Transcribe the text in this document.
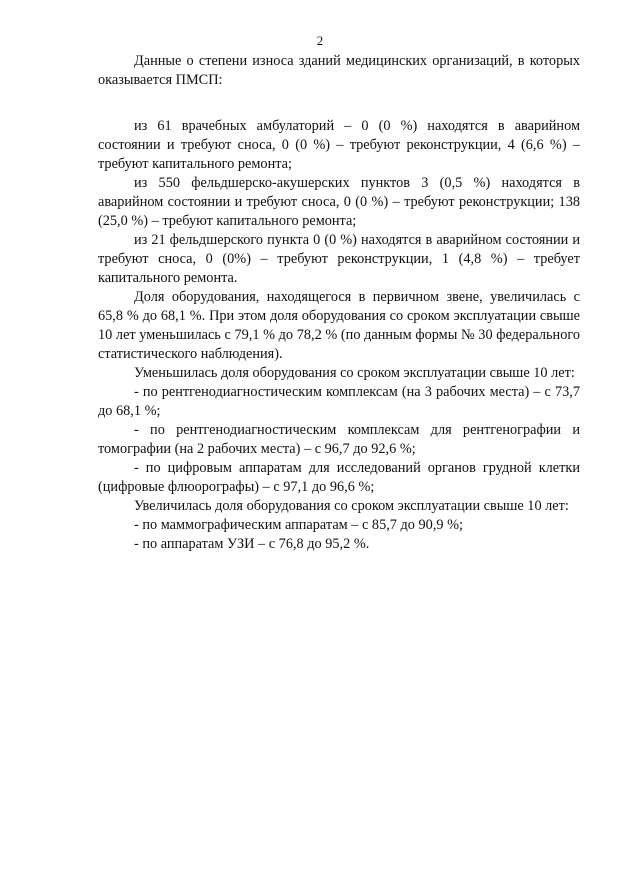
2

Данные о степени износа зданий медицинских организаций, в которых оказывается ПМСП:

из 61 врачебных амбулаторий – 0 (0 %) находятся в аварийном состоянии и требуют сноса, 0 (0 %) – требуют реконструкции, 4 (6,6 %) – требуют капитального ремонта;

из 550 фельдшерско-акушерских пунктов 3 (0,5 %) находятся в аварийном состоянии и требуют сноса, 0 (0 %) – требуют реконструкции; 138 (25,0 %) – требуют капитального ремонта;

из 21 фельдшерского пункта 0 (0 %) находятся в аварийном состоянии и требуют сноса, 0 (0%) – требуют реконструкции, 1 (4,8 %) – требует капитального ремонта.

Доля оборудования, находящегося в первичном звене, увеличилась с 65,8 % до 68,1 %. При этом доля оборудования со сроком эксплуатации свыше 10 лет уменьшилась с 79,1 % до 78,2 % (по данным формы № 30 федерального статистического наблюдения).

Уменьшилась доля оборудования со сроком эксплуатации свыше 10 лет:

- по рентгенодиагностическим комплексам (на 3 рабочих места) – с 73,7 до 68,1 %;

- по рентгенодиагностическим комплексам для рентгенографии и томографии (на 2 рабочих места) – с 96,7 до 92,6 %;

- по цифровым аппаратам для исследований органов грудной клетки (цифровые флюорографы) – с 97,1 до 96,6 %;

Увеличилась доля оборудования со сроком эксплуатации свыше 10 лет:

- по маммографическим аппаратам – с 85,7 до 90,9 %;

- по аппаратам УЗИ – с 76,8 до 95,2 %.
